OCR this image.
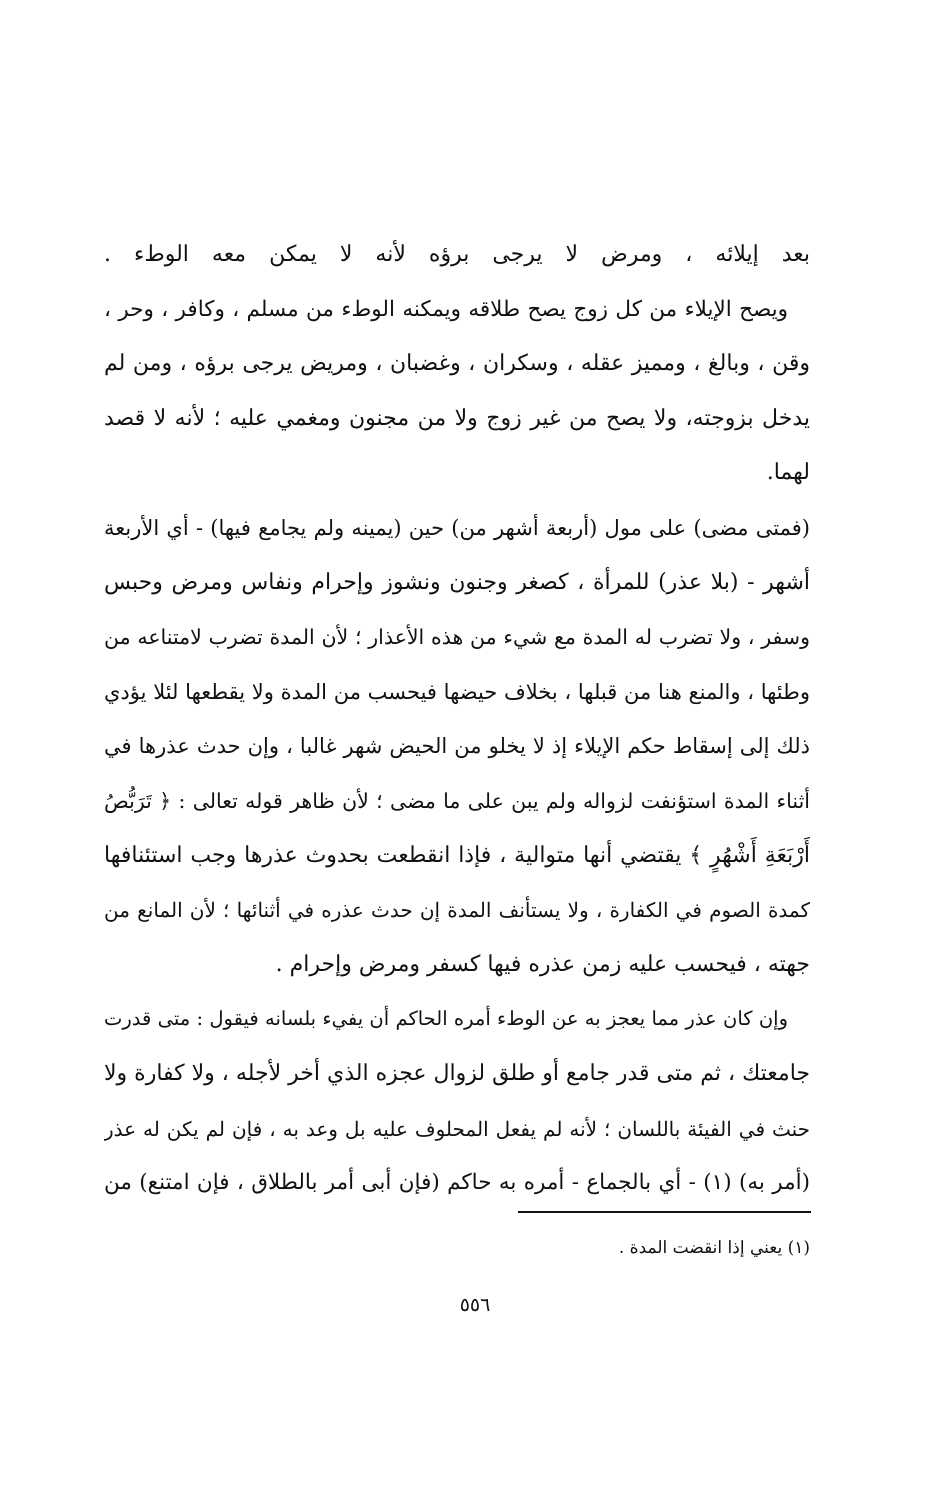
بعد إيلائه ، ومرض لا يرجى برؤه لأنه لا يمكن معه الوطء .
ويصح الإيلاء من كل زوج يصح طلاقه ويمكنه الوطء من مسلم ، وكافر ، وحر ،
وقن ، وبالغ ، ومميز عقله ، وسكران ، وغضبان ، ومريض يرجى برؤه ، ومن لم
يدخل بزوجته، ولا يصح من غير زوج ولا من مجنون ومغمي عليه ؛ لأنه لا قصد
لهما.
(فمتى مضى) على مول (أربعة أشهر من) حين (يمينه ولم يجامع فيها) - أي الأربعة
أشهر - (بلا عذر) للمرأة ، كصغر وجنون ونشوز وإحرام ونفاس ومرض وحبس
وسفر ، ولا تضرب له المدة مع شيء من هذه الأعذار ؛ لأن المدة تضرب لامتناعه من
وطئها ، والمنع هنا من قبلها ، بخلاف حيضها فيحسب من المدة ولا يقطعها لئلا يؤدي
ذلك إلى إسقاط حكم الإيلاء إذ لا يخلو من الحيض شهر غالبا ، وإن حدث عذرها في
أثناء المدة استؤنفت لزواله ولم يبن على ما مضى ؛ لأن ظاهر قوله تعالى : ﴿ تَرَبُّصُ
أَرْبَعَةِ أَشْهُرٍ ﴾ يقتضي أنها متوالية ، فإذا انقطعت بحدوث عذرها وجب استئنافها
كمدة الصوم في الكفارة ، ولا يستأنف المدة إن حدث عذره في أثنائها ؛ لأن المانع من
جهته ، فيحسب عليه زمن عذره فيها كسفر ومرض وإحرام .
وإن كان عذر مما يعجز به عن الوطء أمره الحاكم أن يفيء بلسانه فيقول : متى قدرت
جامعتك ، ثم متى قدر جامع أو طلق لزوال عجزه الذي أخر لأجله ، ولا كفارة ولا
حنث في الفيئة باللسان ؛ لأنه لم يفعل المحلوف عليه بل وعد به ، فإن لم يكن له عذر
(أمر به) (١) - أي بالجماع - أمره به حاكم (فإن أبى أمر بالطلاق ، فإن امتنع) من
(١) يعني إذا انقضت المدة .
٥٥٦
